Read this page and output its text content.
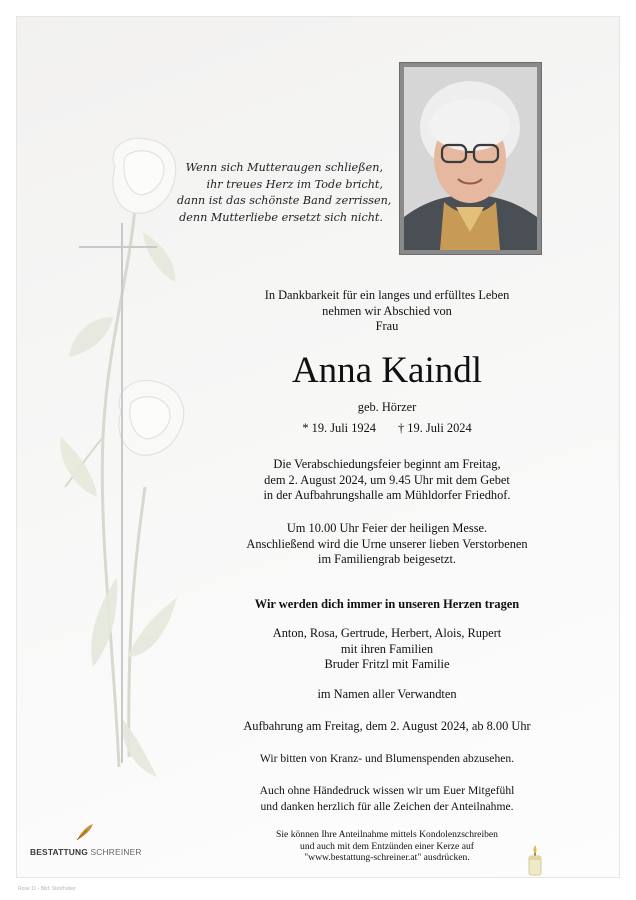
Wenn sich Mutteraugen schließen,
ihr treues Herz im Tode bricht,
dann ist das schönste Band zerrissen,
denn Mutterliebe ersetzt sich nicht.
In Dankbarkeit für ein langes und erfülltes Leben
nehmen wir Abschied von
Frau
Anna Kaindl
geb. Hörzer
* 19. Juli 1924 † 19. Juli 2024
Die Verabschiedungsfeier beginnt am Freitag,
dem 2. August 2024, um 9.45 Uhr mit dem Gebet
in der Aufbahrungshalle am Mühldorfer Friedhof.
Um 10.00 Uhr Feier der heiligen Messe.
Anschließend wird die Urne unserer lieben Verstorbenen
im Familiengrab beigesetzt.
Wir werden dich immer in unseren Herzen tragen
Anton, Rosa, Gertrude, Herbert, Alois, Rupert
mit ihren Familien
Bruder Fritzl mit Familie
im Namen aller Verwandten
Aufbahrung am Freitag, dem 2. August 2024, ab 8.00 Uhr
Wir bitten von Kranz- und Blumenspenden abzusehen.
Auch ohne Händedruck wissen wir um Euer Mitgefühl
und danken herzlich für alle Zeichen der Anteilnahme.
Sie können Ihre Anteilnahme mittels Kondolenzschreiben
und auch mit dem Entzünden einer Kerze auf
"www.bestattung-schreiner.at" ausdrücken.
BESTATTUNG SCHREINER
Rose 11 - Bild: Stelzhuber
